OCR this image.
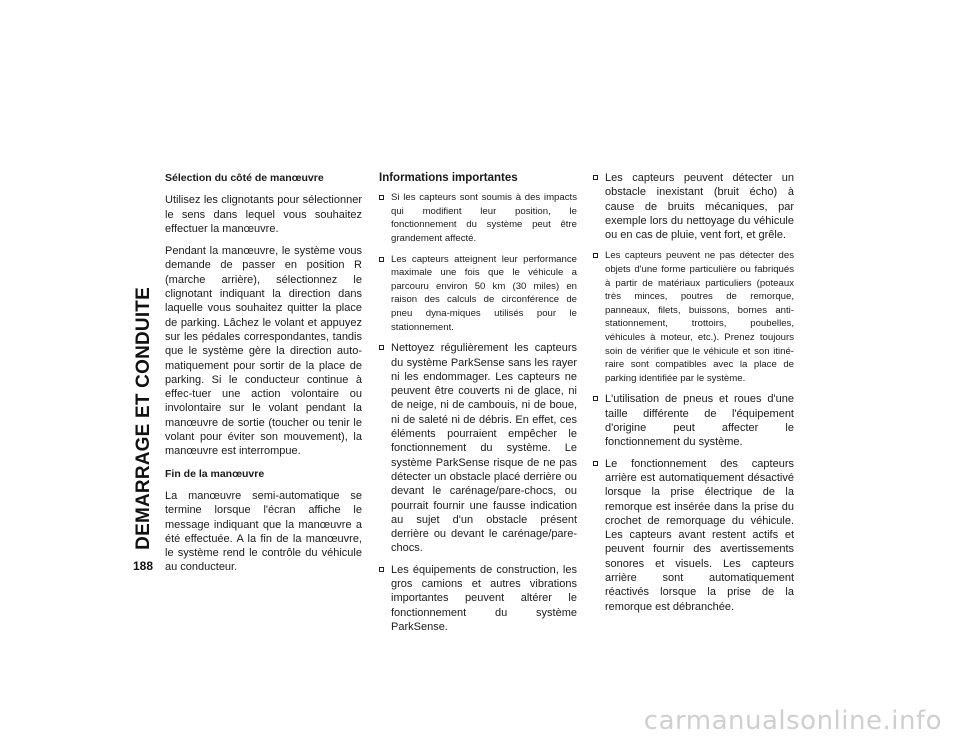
DEMARRAGE ET CONDUITE
188

Sélection du côté de manœuvre

Utilisez les clignotants pour sélectionner le sens dans lequel vous souhaitez effectuer la manœuvre.

Pendant la manœuvre, le système vous demande de passer en position R (marche arrière), sélectionnez le clignotant indiquant la direction dans laquelle vous souhaitez quitter la place de parking. Lâchez le volant et appuyez sur les pédales correspondantes, tandis que le système gère la direction auto-matiquement pour sortir de la place de parking. Si le conducteur continue à effec-tuer une action volontaire ou involontaire sur le volant pendant la manœuvre de sortie (toucher ou tenir le volant pour éviter son mouvement), la manœuvre est interrompue.

Fin de la manœuvre

La manœuvre semi-automatique se termine lorsque l'écran affiche le message indiquant que la manœuvre a été effectuée. A la fin de la manœuvre, le système rend le contrôle du véhicule au conducteur.

Informations importantes

Si les capteurs sont soumis à des impacts qui modifient leur position, le fonctionnement du système peut être grandement affecté.
Les capteurs atteignent leur performance maximale une fois que le véhicule a parcouru environ 50 km (30 miles) en raison des calculs de circonférence de pneu dyna-miques utilisés pour le stationnement.
Nettoyez régulièrement les capteurs du système ParkSense sans les rayer ni les endommager. Les capteurs ne peuvent être couverts ni de glace, ni de neige, ni de cambouis, ni de boue, ni de saleté ni de débris. En effet, ces éléments pourraient empêcher le fonctionnement du système. Le système ParkSense risque de ne pas détecter un obstacle placé derrière ou devant le carénage/pare-chocs, ou pourrait fournir une fausse indication au sujet d'un obstacle présent derrière ou devant le carénage/pare-chocs.
Les équipements de construction, les gros camions et autres vibrations importantes peuvent altérer le fonctionnement du système ParkSense.
Les capteurs peuvent détecter un obstacle inexistant (bruit écho) à cause de bruits mécaniques, par exemple lors du nettoyage du véhicule ou en cas de pluie, vent fort, et grêle.
Les capteurs peuvent ne pas détecter des objets d'une forme particulière ou fabriqués à partir de matériaux particuliers (poteaux très minces, poutres de remorque, panneaux, filets, buissons, bornes anti-stationnement, trottoirs, poubelles, véhicules à moteur, etc.). Prenez toujours soin de vérifier que le véhicule et son itiné-raire sont compatibles avec la place de parking identifiée par le système.
L'utilisation de pneus et roues d'une taille différente de l'équipement d'origine peut affecter le fonctionnement du système.
Le fonctionnement des capteurs arrière est automatiquement désactivé lorsque la prise électrique de la remorque est insérée dans la prise du crochet de remorquage du véhicule. Les capteurs avant restent actifs et peuvent fournir des avertissements sonores et visuels. Les capteurs arrière sont automatiquement réactivés lorsque la prise de la remorque est débranchée.
carmanualsonline.info
